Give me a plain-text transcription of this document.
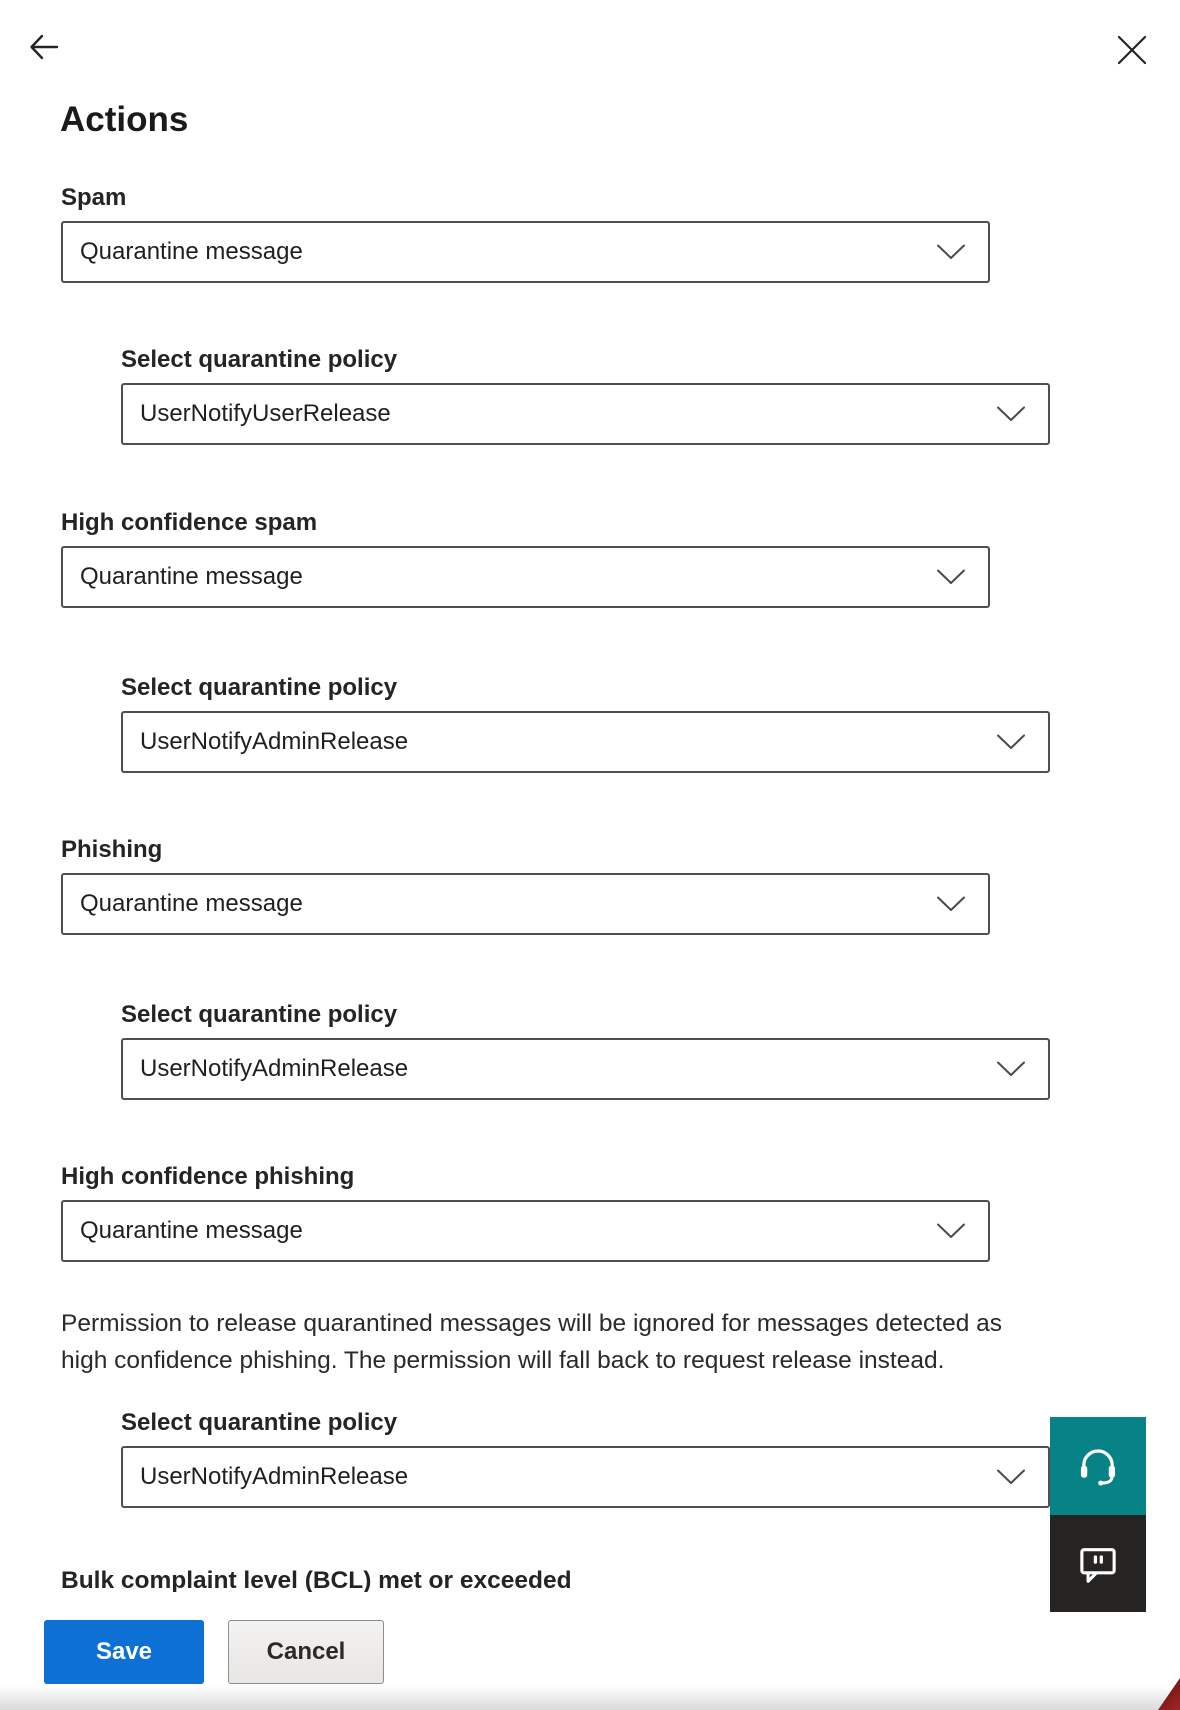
Actions
Spam
Quarantine message
Select quarantine policy
UserNotifyUserRelease
High confidence spam
Quarantine message
Select quarantine policy
UserNotifyAdminRelease
Phishing
Quarantine message
Select quarantine policy
UserNotifyAdminRelease
High confidence phishing
Quarantine message

Permission to release quarantined messages will be ignored for messages detected as
high confidence phishing. The permission will fall back to request release instead.

Select quarantine policy
UserNotifyAdminRelease
Bulk complaint level (BCL) met or exceeded
Save	Cancel
